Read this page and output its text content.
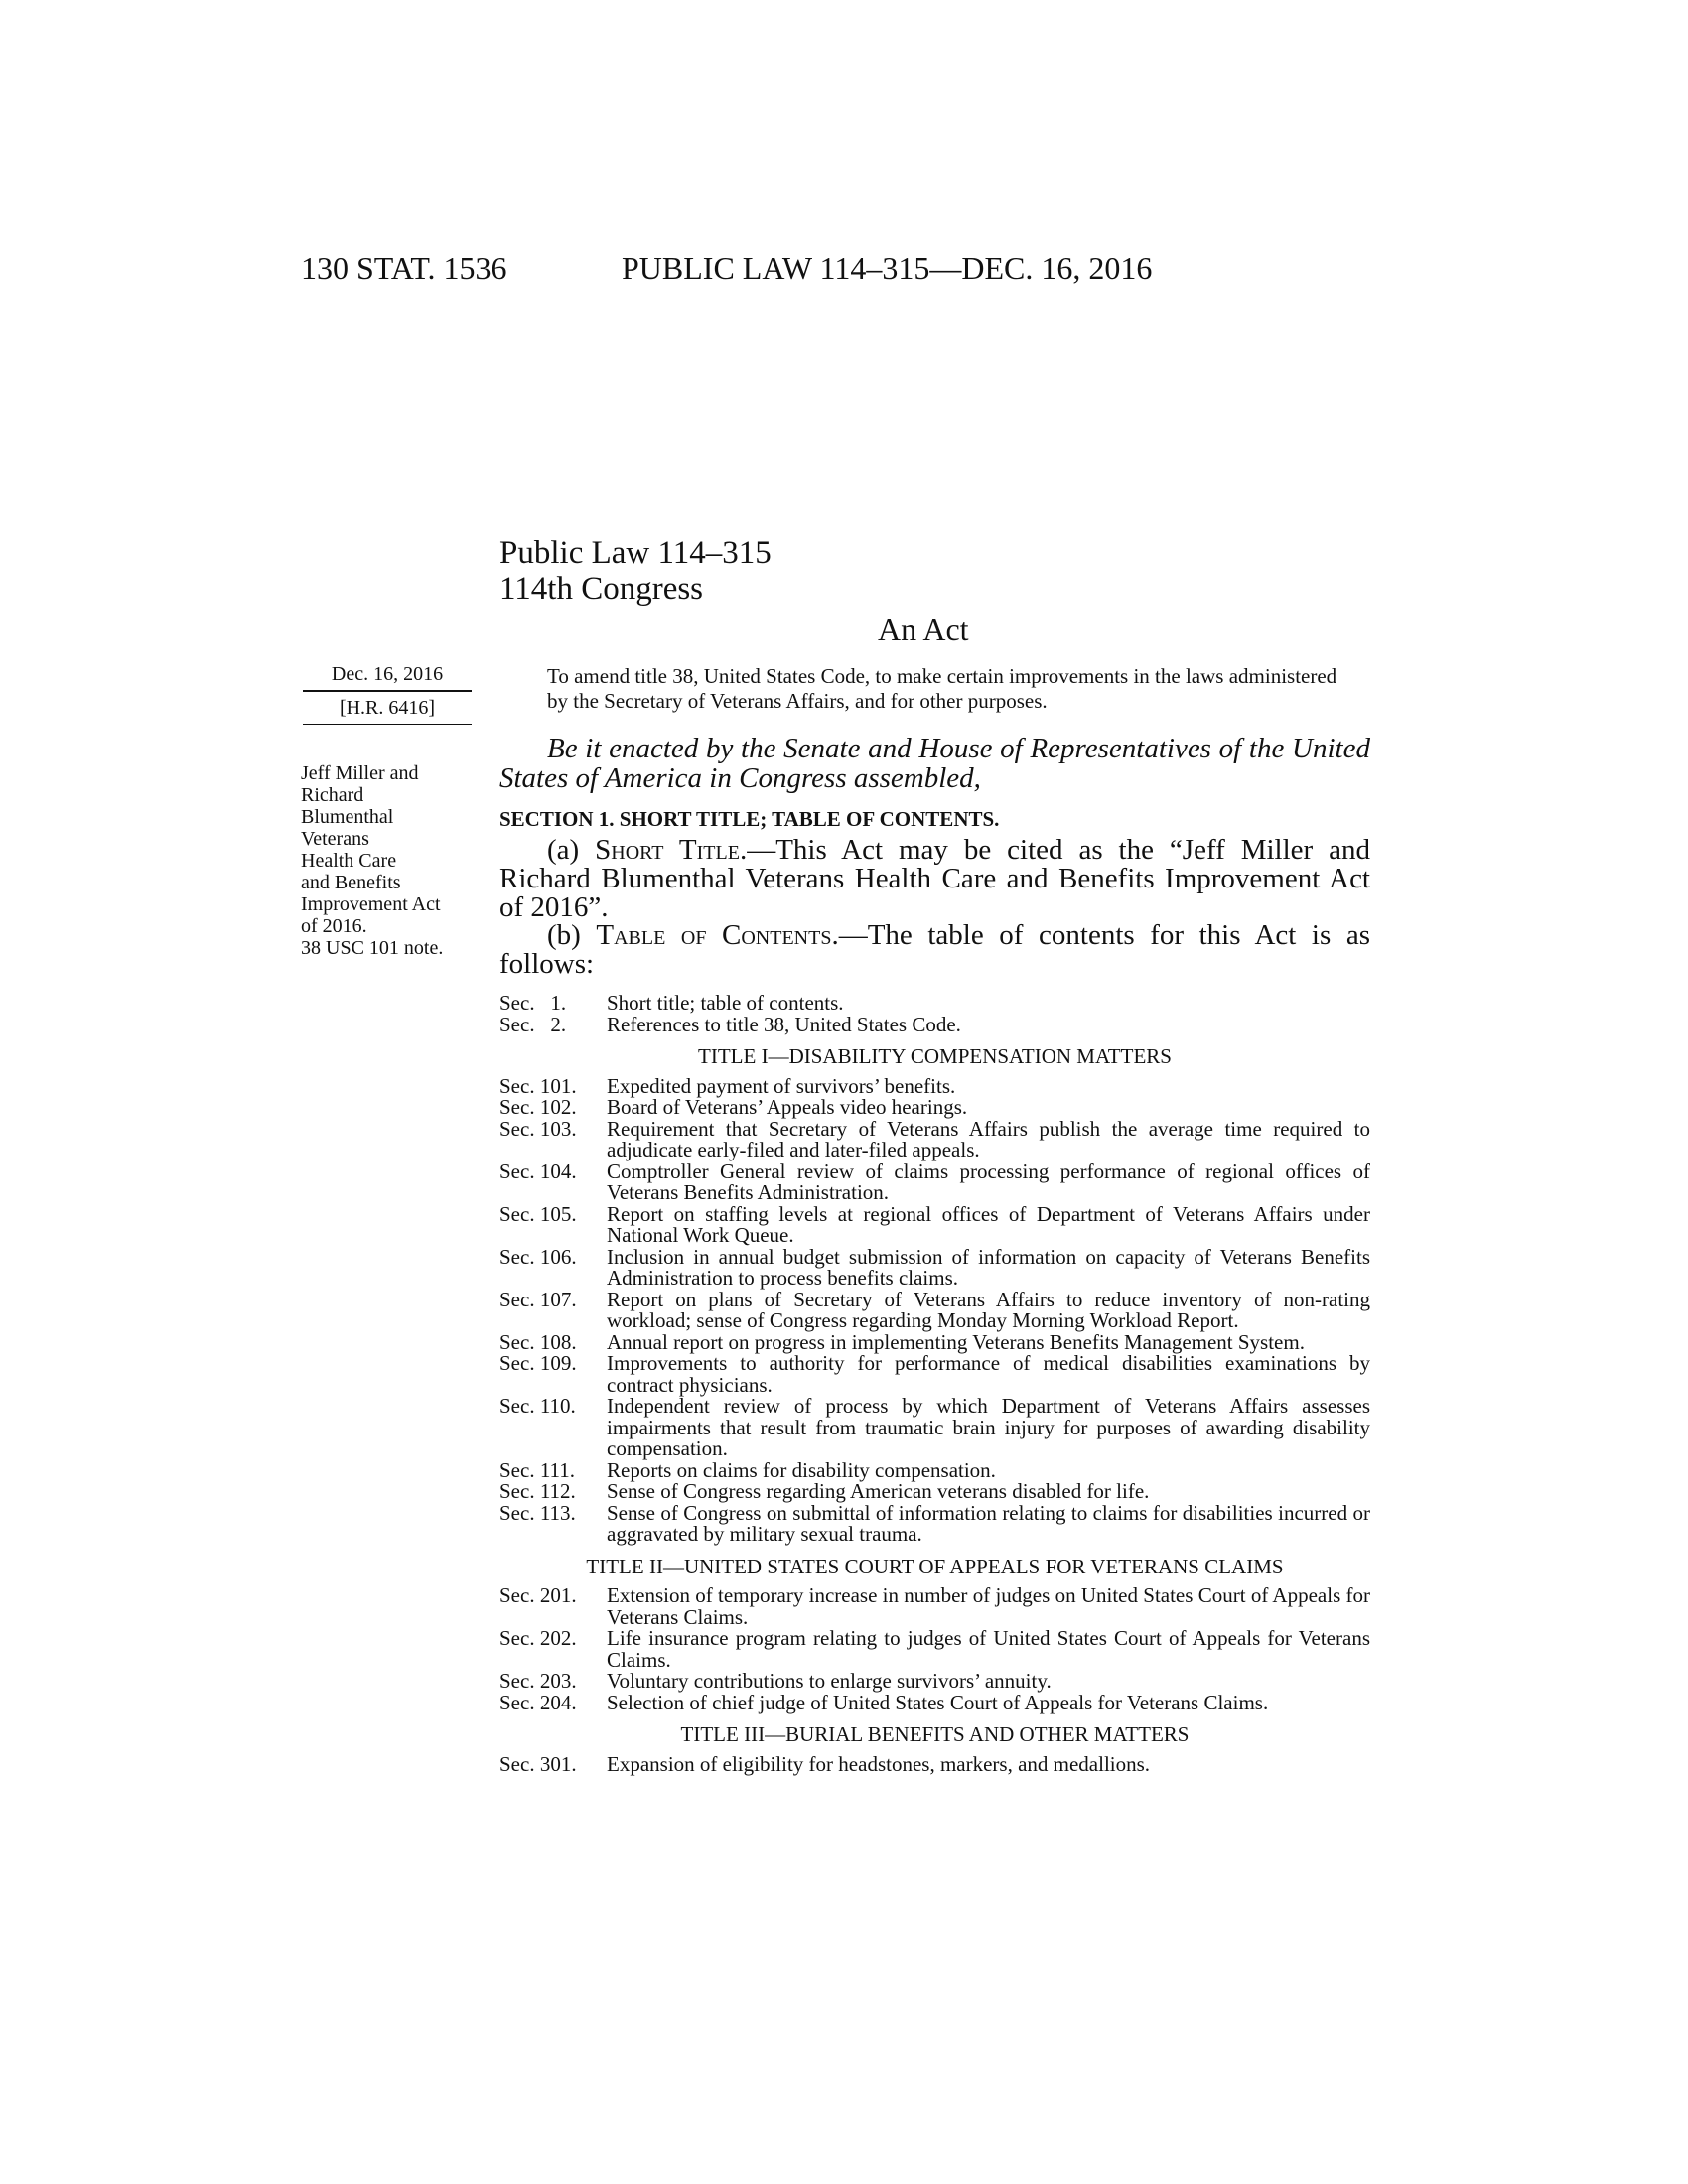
130 STAT. 1536	PUBLIC LAW 114–315—DEC. 16, 2016
Public Law 114–315
114th Congress
An Act
Dec. 16, 2016
[H.R. 6416]
To amend title 38, United States Code, to make certain improvements in the laws administered by the Secretary of Veterans Affairs, and for other purposes.
Jeff Miller and
Richard
Blumenthal
Veterans
Health Care
and Benefits
Improvement Act
of 2016.
38 USC 101 note.
Be it enacted by the Senate and House of Representatives of the United States of America in Congress assembled,
SECTION 1. SHORT TITLE; TABLE OF CONTENTS.
(a) Short Title.—This Act may be cited as the “Jeff Miller and Richard Blumenthal Veterans Health Care and Benefits Improvement Act of 2016”.
(b) Table of Contents.—The table of contents for this Act is as follows:
Sec.   1.	Short title; table of contents.
Sec.   2.	References to title 38, United States Code.
TITLE I—DISABILITY COMPENSATION MATTERS
Sec. 101.	Expedited payment of survivors’ benefits.
Sec. 102.	Board of Veterans’ Appeals video hearings.
Sec. 103.	Requirement that Secretary of Veterans Affairs publish the average time required to adjudicate early-filed and later-filed appeals.
Sec. 104.	Comptroller General review of claims processing performance of regional offices of Veterans Benefits Administration.
Sec. 105.	Report on staffing levels at regional offices of Department of Veterans Affairs under National Work Queue.
Sec. 106.	Inclusion in annual budget submission of information on capacity of Veterans Benefits Administration to process benefits claims.
Sec. 107.	Report on plans of Secretary of Veterans Affairs to reduce inventory of non-rating workload; sense of Congress regarding Monday Morning Workload Report.
Sec. 108.	Annual report on progress in implementing Veterans Benefits Management System.
Sec. 109.	Improvements to authority for performance of medical disabilities examinations by contract physicians.
Sec. 110.	Independent review of process by which Department of Veterans Affairs assesses impairments that result from traumatic brain injury for purposes of awarding disability compensation.
Sec. 111.	Reports on claims for disability compensation.
Sec. 112.	Sense of Congress regarding American veterans disabled for life.
Sec. 113.	Sense of Congress on submittal of information relating to claims for disabilities incurred or aggravated by military sexual trauma.
TITLE II—UNITED STATES COURT OF APPEALS FOR VETERANS CLAIMS
Sec. 201.	Extension of temporary increase in number of judges on United States Court of Appeals for Veterans Claims.
Sec. 202.	Life insurance program relating to judges of United States Court of Appeals for Veterans Claims.
Sec. 203.	Voluntary contributions to enlarge survivors’ annuity.
Sec. 204.	Selection of chief judge of United States Court of Appeals for Veterans Claims.
TITLE III—BURIAL BENEFITS AND OTHER MATTERS
Sec. 301.	Expansion of eligibility for headstones, markers, and medallions.
